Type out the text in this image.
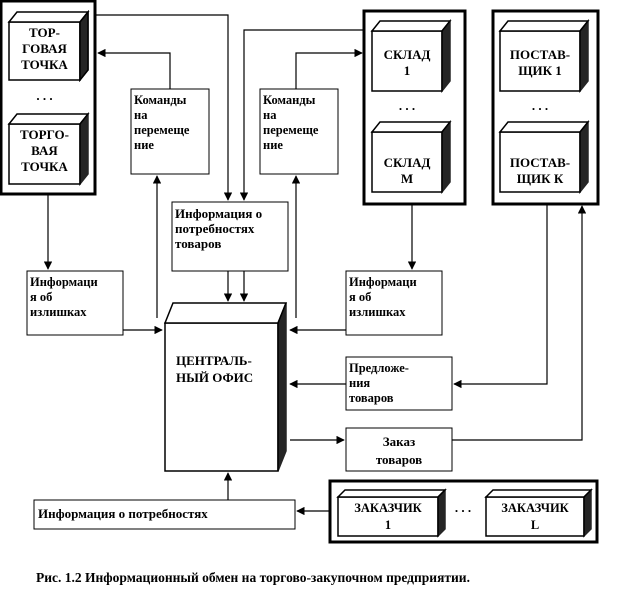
ТОР-
ГОВАЯ
ТОЧКА
. . .
ТОРГО-
ВАЯ
ТОЧКА
СКЛАД
1
. . .
СКЛАД
М
ПОСТАВ-
ЩИК 1
. . .
ПОСТАВ-
ЩИК К
Команды
на
перемеще
ние
Команды
на
перемеще
ние
Информация о
потребностях
товаров
Информаци
я об
излишках
Информаци
я об
излишках
ЦЕНТРАЛЬ-
НЫЙ ОФИС
Предложе-
ния
товаров
Заказ
товаров
Информация о потребностях	ЗАКАЗЧИК
1
. . .	ЗАКАЗЧИК
L
Рис. 1.2 Информационный обмен на торгово-закупочном предприятии.
